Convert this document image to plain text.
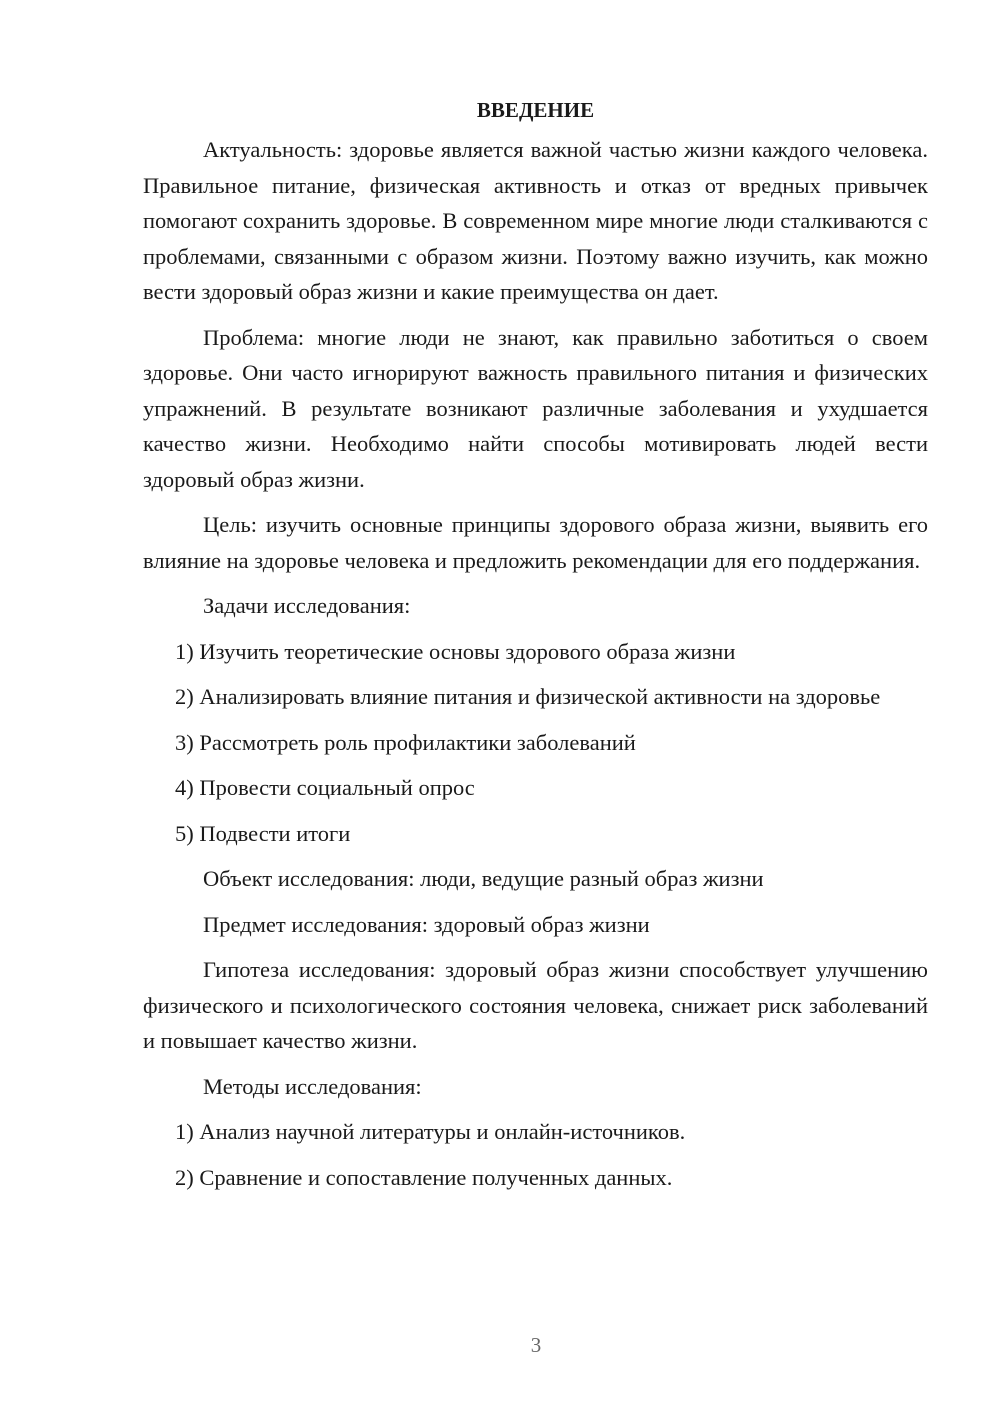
ВВЕДЕНИЕ

Актуальность: здоровье является важной частью жизни каждого человека. Правильное питание, физическая активность и отказ от вредных привычек помогают сохранить здоровье. В современном мире многие люди сталкиваются с проблемами, связанными с образом жизни. Поэтому важно изучить, как можно вести здоровый образ жизни и какие преимущества он дает.

Проблема: многие люди не знают, как правильно заботиться о своем здоровье. Они часто игнорируют важность правильного питания и физических упражнений. В результате возникают различные заболевания и ухудшается качество жизни. Необходимо найти способы мотивировать людей вести здоровый образ жизни.

Цель: изучить основные принципы здорового образа жизни, выявить его влияние на здоровье человека и предложить рекомендации для его поддержания.

Задачи исследования:

1) Изучить теоретические основы здорового образа жизни

2) Анализировать влияние питания и физической активности на здоровье

3) Рассмотреть роль профилактики заболеваний

4) Провести социальный опрос

5) Подвести итоги

Объект исследования: люди, ведущие разный образ жизни

Предмет исследования: здоровый образ жизни

Гипотеза исследования: здоровый образ жизни способствует улучшению физического и психологического состояния человека, снижает риск заболеваний и повышает качество жизни.

Методы исследования:

1) Анализ научной литературы и онлайн-источников.

2) Сравнение и сопоставление полученных данных.

3
